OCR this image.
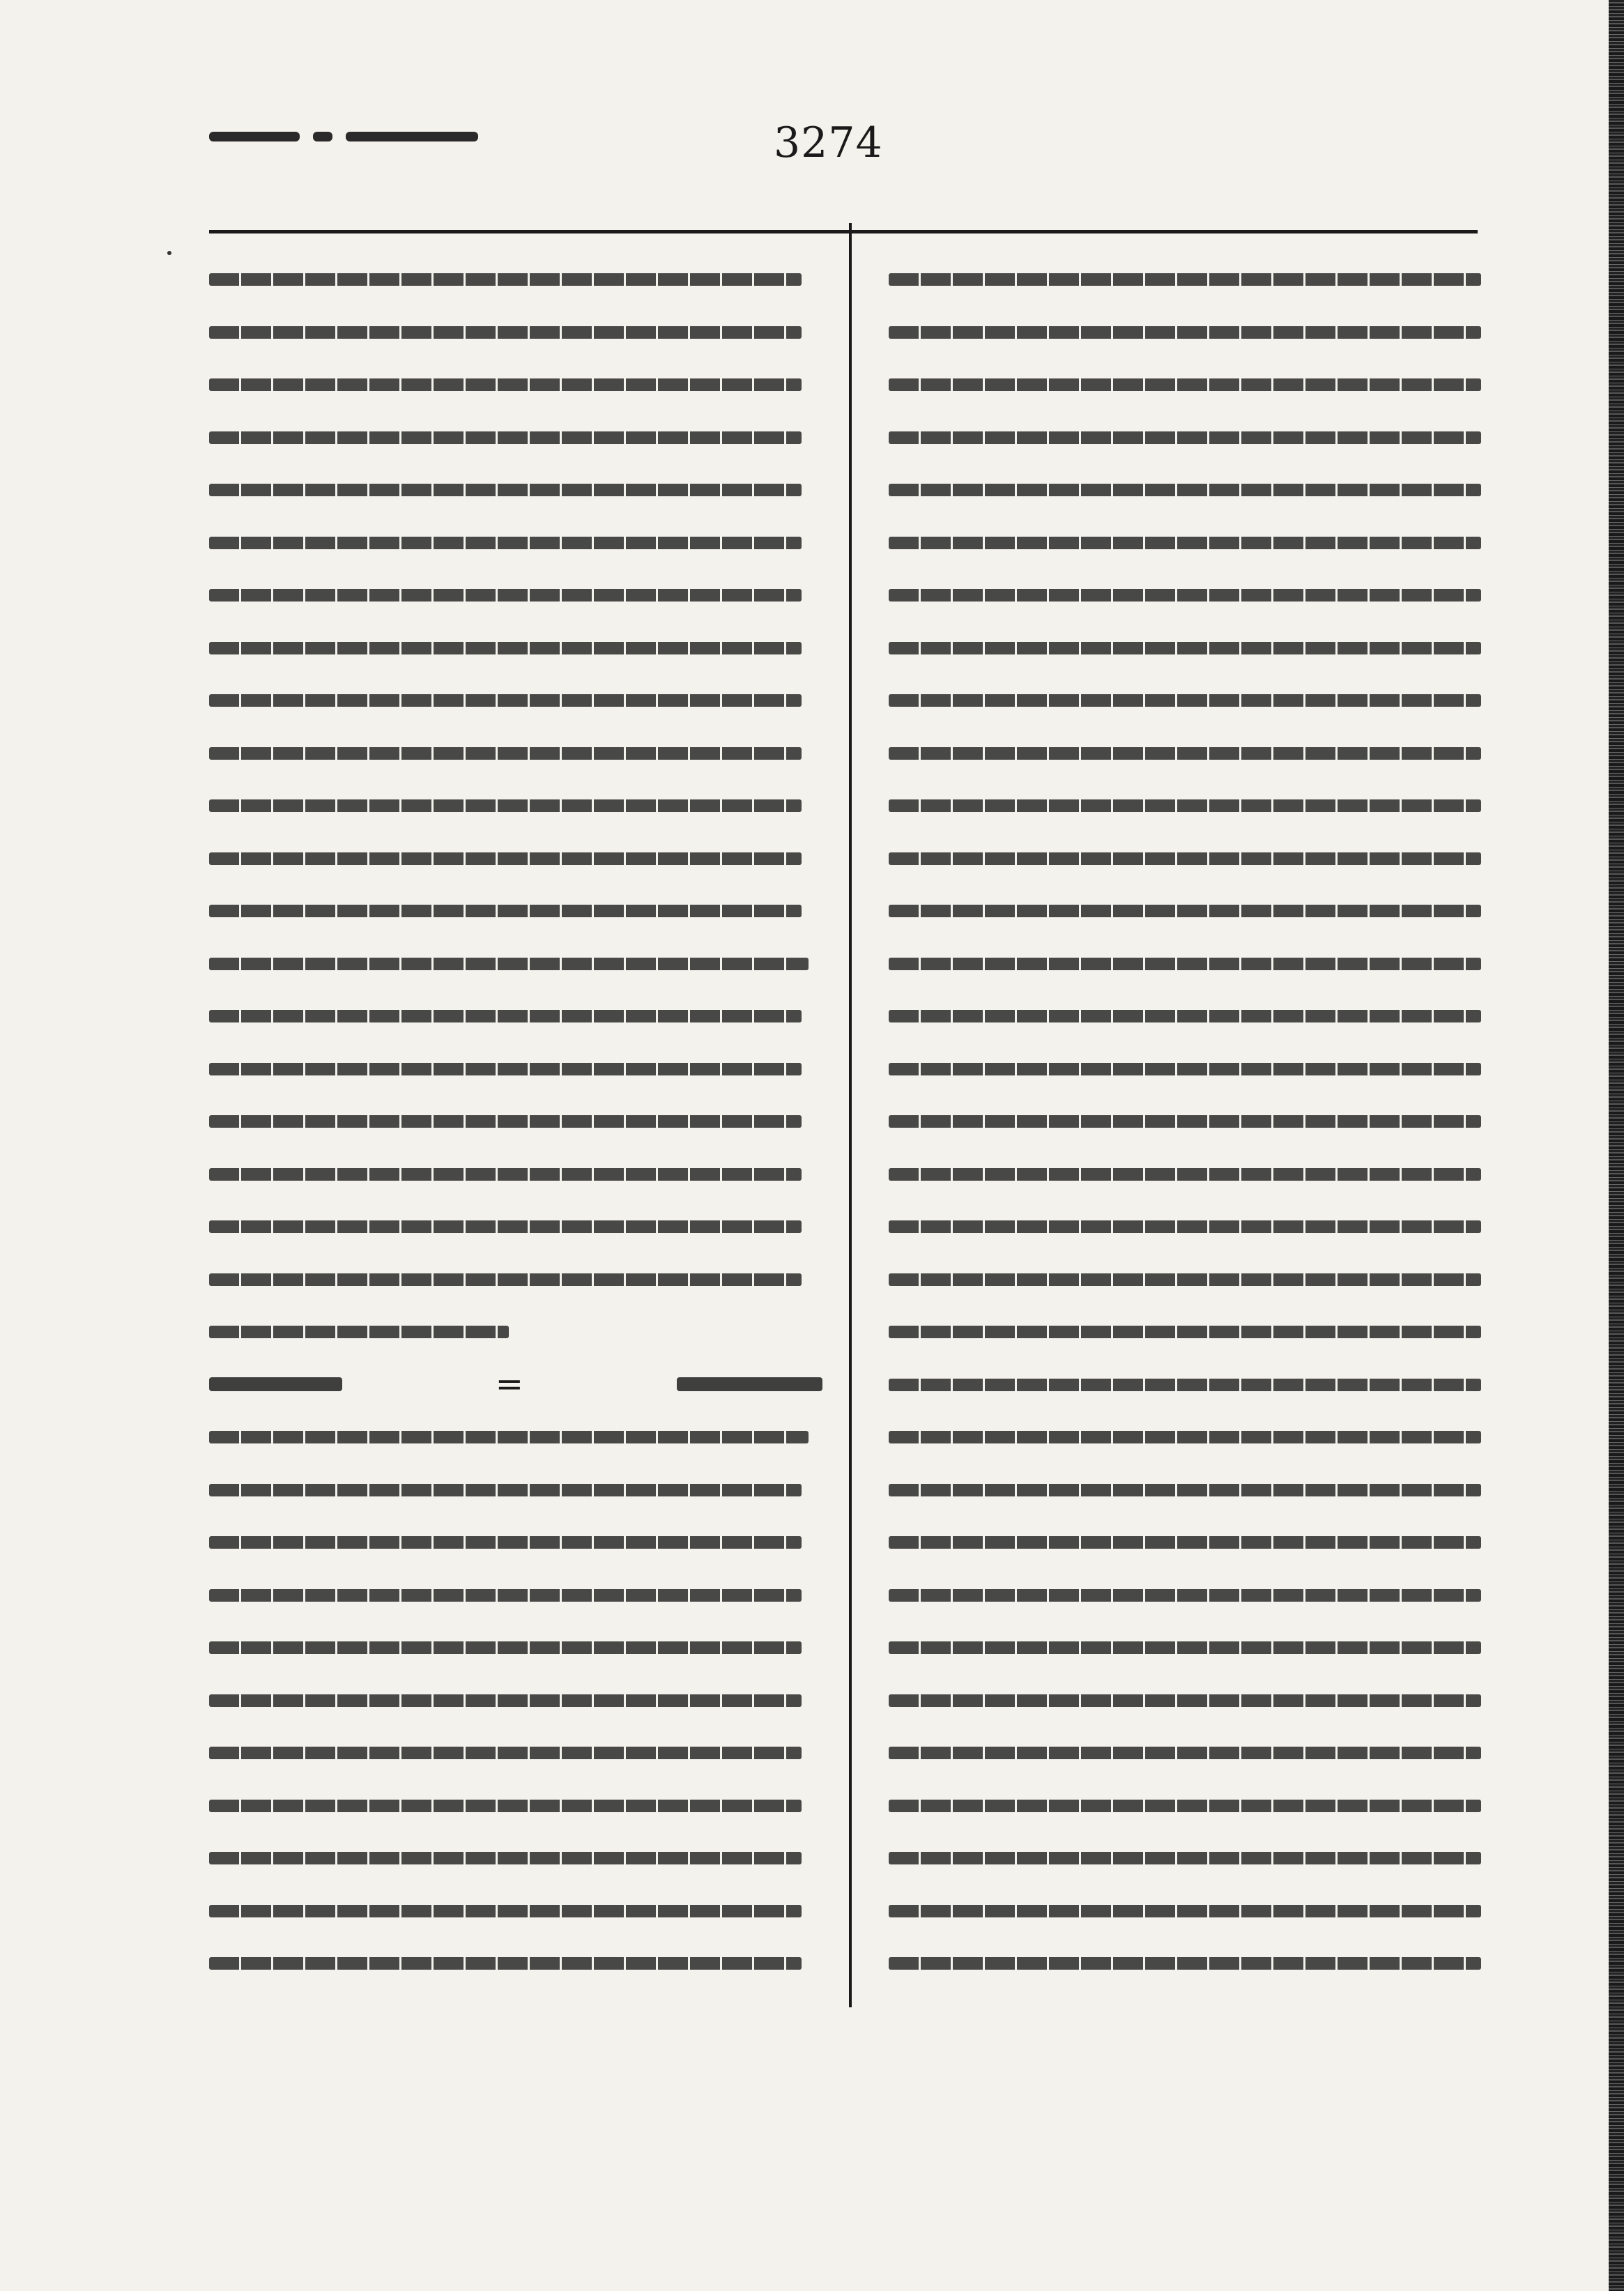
3274
=
